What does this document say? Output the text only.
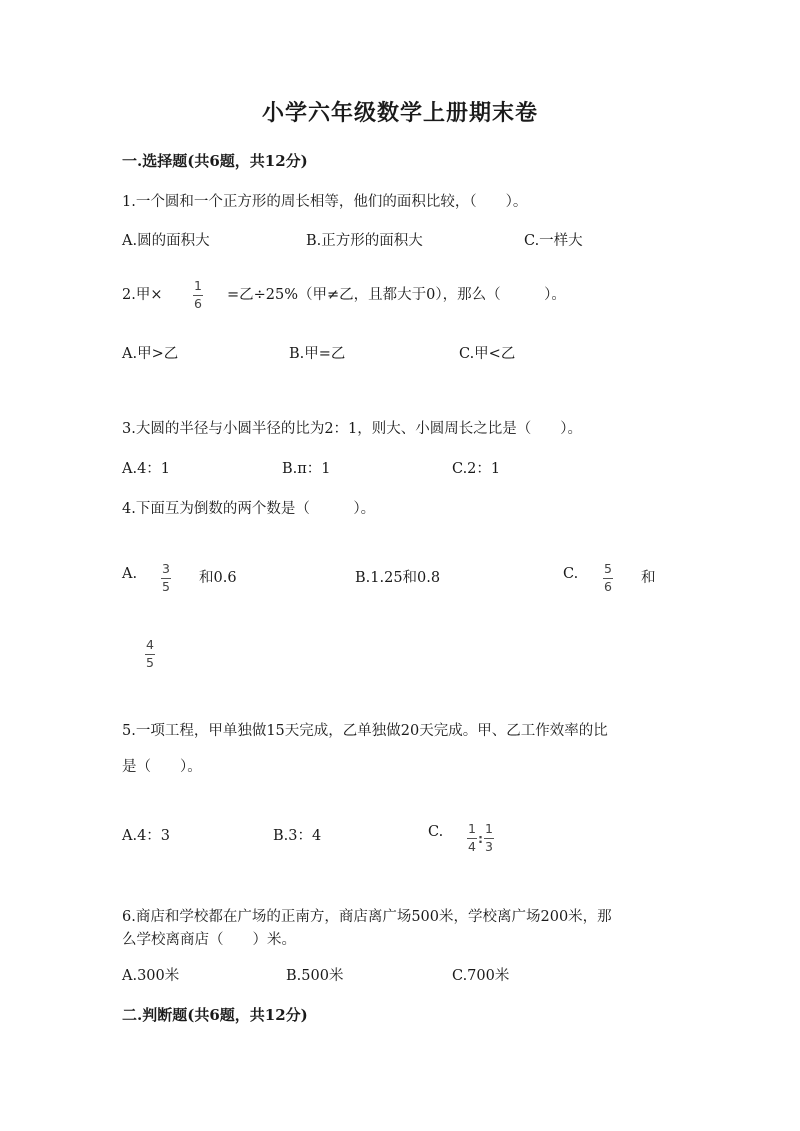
小学六年级数学上册期末卷
一.选择题(共6题，共12分)
1.一个圆和一个正方形的周长相等，他们的面积比较，（　　）。
A.圆的面积大	B.正方形的面积大	C.一样大
2.甲× $\frac{1}{6}$ =乙÷25%（甲≠乙，且都大于0），那么（　　　）。
A.甲>乙	B.甲=乙	C.甲<乙
3.大圆的半径与小圆半径的比为2：1，则大、小圆周长之比是（　　）。
A.4：1	B.π：1	C.2：1
4.下面互为倒数的两个数是（　　　）。
A. $\frac{3}{5}$ 和0.6	B.1.25和0.8	C. $\frac{5}{6}$ 和
$\frac{4}{5}$
5.一项工程，甲单独做15天完成，乙单独做20天完成。甲、乙工作效率的比
是（　　）。
A.4：3	B.3：4	C. $\frac{1}{4}$ : $\frac{1}{3}$
6.商店和学校都在广场的正南方，商店离广场500米，学校离广场200米，那
么学校离商店（　　）米。
A.300米	B.500米	C.700米
二.判断题(共6题，共12分)
